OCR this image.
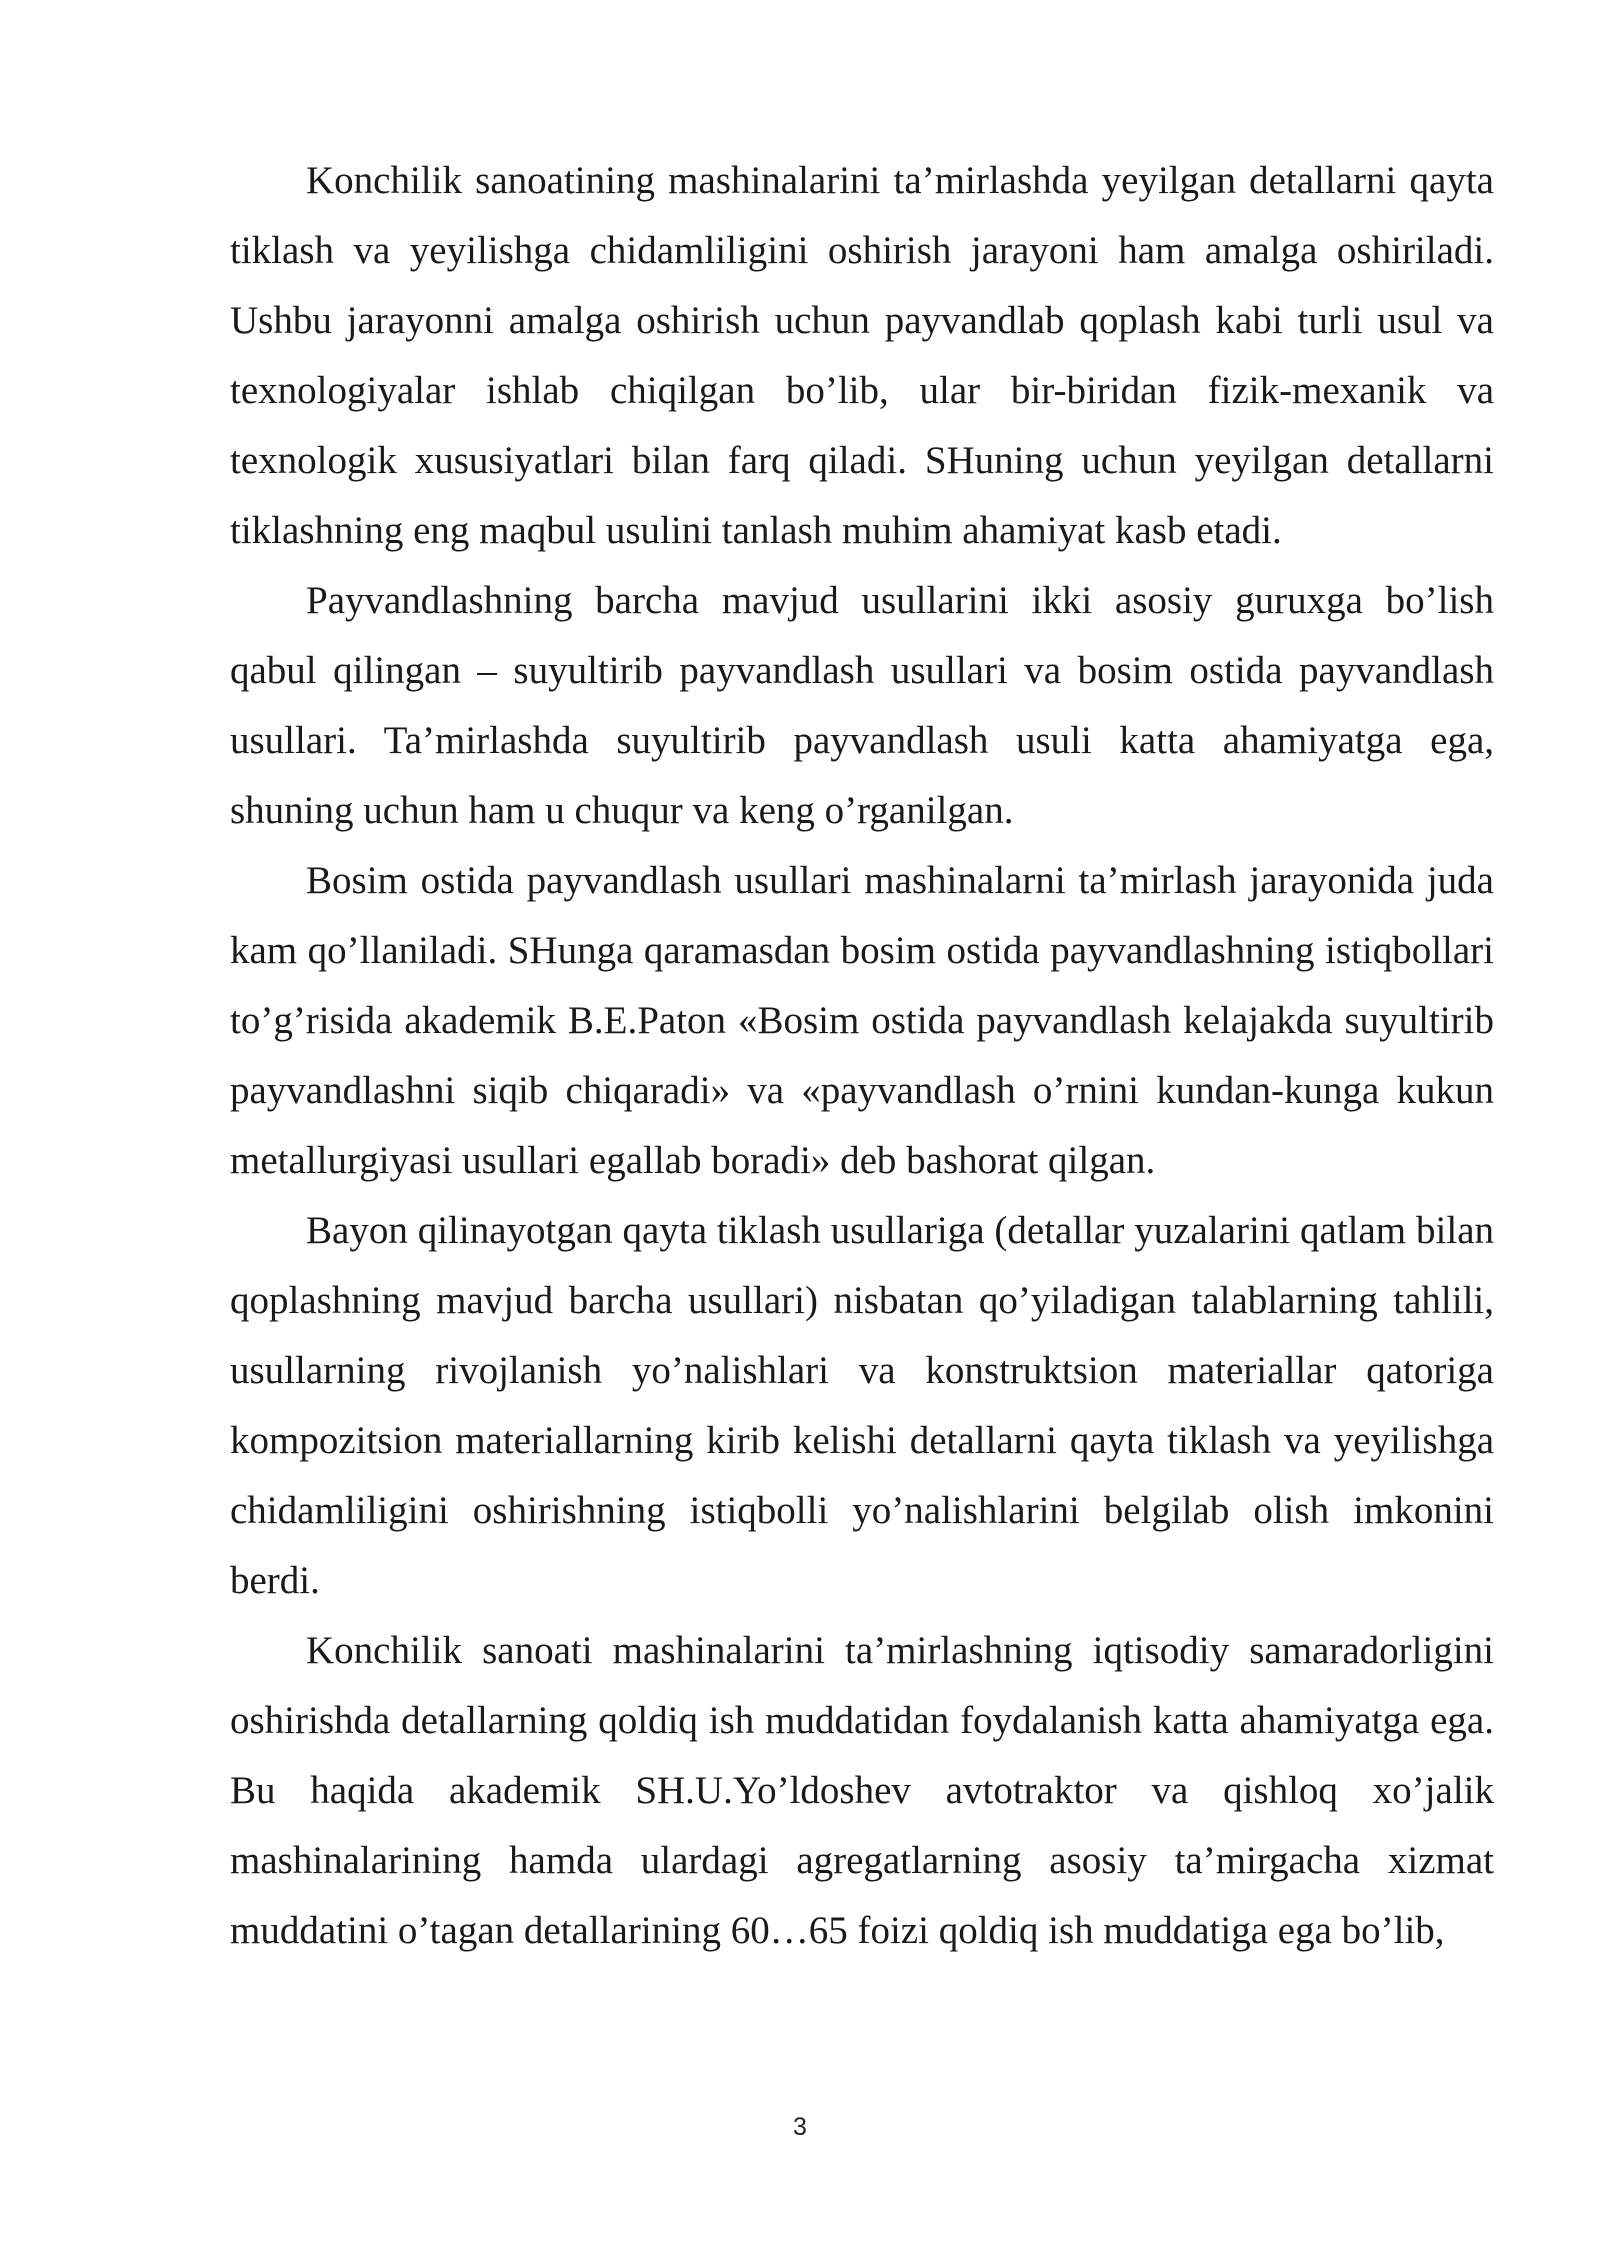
Konchilik sanoatining mashinalarini ta’mirlashda yeyilgan detallarni qayta tiklash va yeyilishga chidamliligini oshirish jarayoni ham amalga oshiriladi. Ushbu jarayonni amalga oshirish uchun payvandlab qoplash kabi turli usul va texnologiyalar ishlab chiqilgan bo’lib, ular bir-biridan fizik-mexanik va texnologik xususiyatlari bilan farq qiladi. SHuning uchun yeyilgan detallarni tiklashning eng maqbul usulini tanlash muhim ahamiyat kasb etadi.

Payvandlashning barcha mavjud usullarini ikki asosiy guruxga bo’lish qabul qilingan – suyultirib payvandlash usullari va bosim ostida payvandlash usullari. Ta’mirlashda suyultirib payvandlash usuli katta ahamiyatga ega, shuning uchun ham u chuqur va keng o’rganilgan.

Bosim ostida payvandlash usullari mashinalarni ta’mirlash jarayonida juda kam qo’llaniladi. SHunga qaramasdan bosim ostida payvandlashning istiqbollari to’g’risida akademik B.E.Paton «Bosim ostida payvandlash kelajakda suyultirib payvandlashni siqib chiqaradi» va «payvandlash o’rnini kundan-kunga kukun metallurgiyasi usullari egallab boradi» deb bashorat qilgan.

Bayon qilinayotgan qayta tiklash usullariga (detallar yuzalarini qatlam bilan qoplashning mavjud barcha usullari) nisbatan qo’yiladigan talablarning tahlili, usullarning rivojlanish yo’nalishlari va konstruktsion materiallar qatoriga kompozitsion materiallarning kirib kelishi detallarni qayta tiklash va yeyilishga chidamliligini oshirishning istiqbolli yo’nalishlarini belgilab olish imkonini berdi.

Konchilik sanoati mashinalarini ta’mirlashning iqtisodiy samaradorligini oshirishda detallarning qoldiq ish muddatidan foydalanish katta ahamiyatga ega. Bu haqida akademik SH.U.Yo’ldoshev avtotraktor va qishloq xo’jalik mashinalarining hamda ulardagi agregatlarning asosiy ta’mirgacha xizmat muddatini o’tagan detallarining 60…65 foizi qoldiq ish muddatiga ega bo’lib,

3
